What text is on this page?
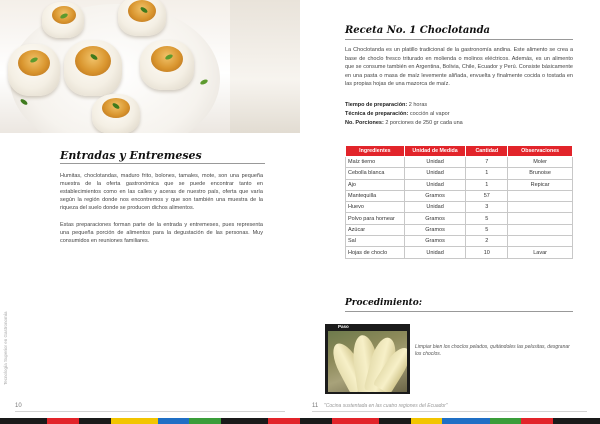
Entradas y Entremeses

Humitas, choclotandas, maduro frito, bolones, tamales, mote, son una pequeña muestra de la oferta gastronómica que se puede encontrar tanto en establecimientos como en las calles y aceras de nuestro país, oferta que varía según la región donde nos encontremos y que son también una muestra de la riqueza del suelo donde se producen dichos alimentos.

Estas preparaciones forman parte de la entrada y entremeses, pues representa una pequeña porción de alimentos para la degustación de las personas. Muy consumidos en reuniones familiares.

Tecnología Superior en Gastronomía
10
Receta No. 1 Choclotanda

La Choclotanda es un platillo tradicional de la gastronomía andina. Este alimento se crea a base de choclo fresco triturado en molienda o molinos eléctricos. Además, es un alimento que se consume también en Argentina, Bolivia, Chile, Ecuador y Perú. Consiste básicamente en una pasta o masa de maíz levemente aliñada, envuelta y finalmente cocida o tostada en las propias hojas de una mazorca de maíz.

Tiempo de preparación: 2 horas
Técnica de preparación: cocción al vapor
No. Porciones: 2 porciones de 250 gr cada una
Ingredientes	Unidad de Medida	Cantidad	Observaciones
Maíz tierno	Unidad	7	Moler
Cebolla blanca	Unidad	1	Brunoise
Ajo	Unidad	1	Repicar
Mantequilla	Gramos	57	
Huevo	Unidad	3	
Polvo para hornear	Gramos	5	
Azúcar	Gramos	5	
Sal	Gramos	2	
Hojas de choclo	Unidad	10	Lavar
Procedimiento:
Paso

Limpiar bien los choclos pelados, quitándoles las pelusitas, desgranar los choclos.

11 "Cocina sustentada en las cuatro regiones del Ecuador"
